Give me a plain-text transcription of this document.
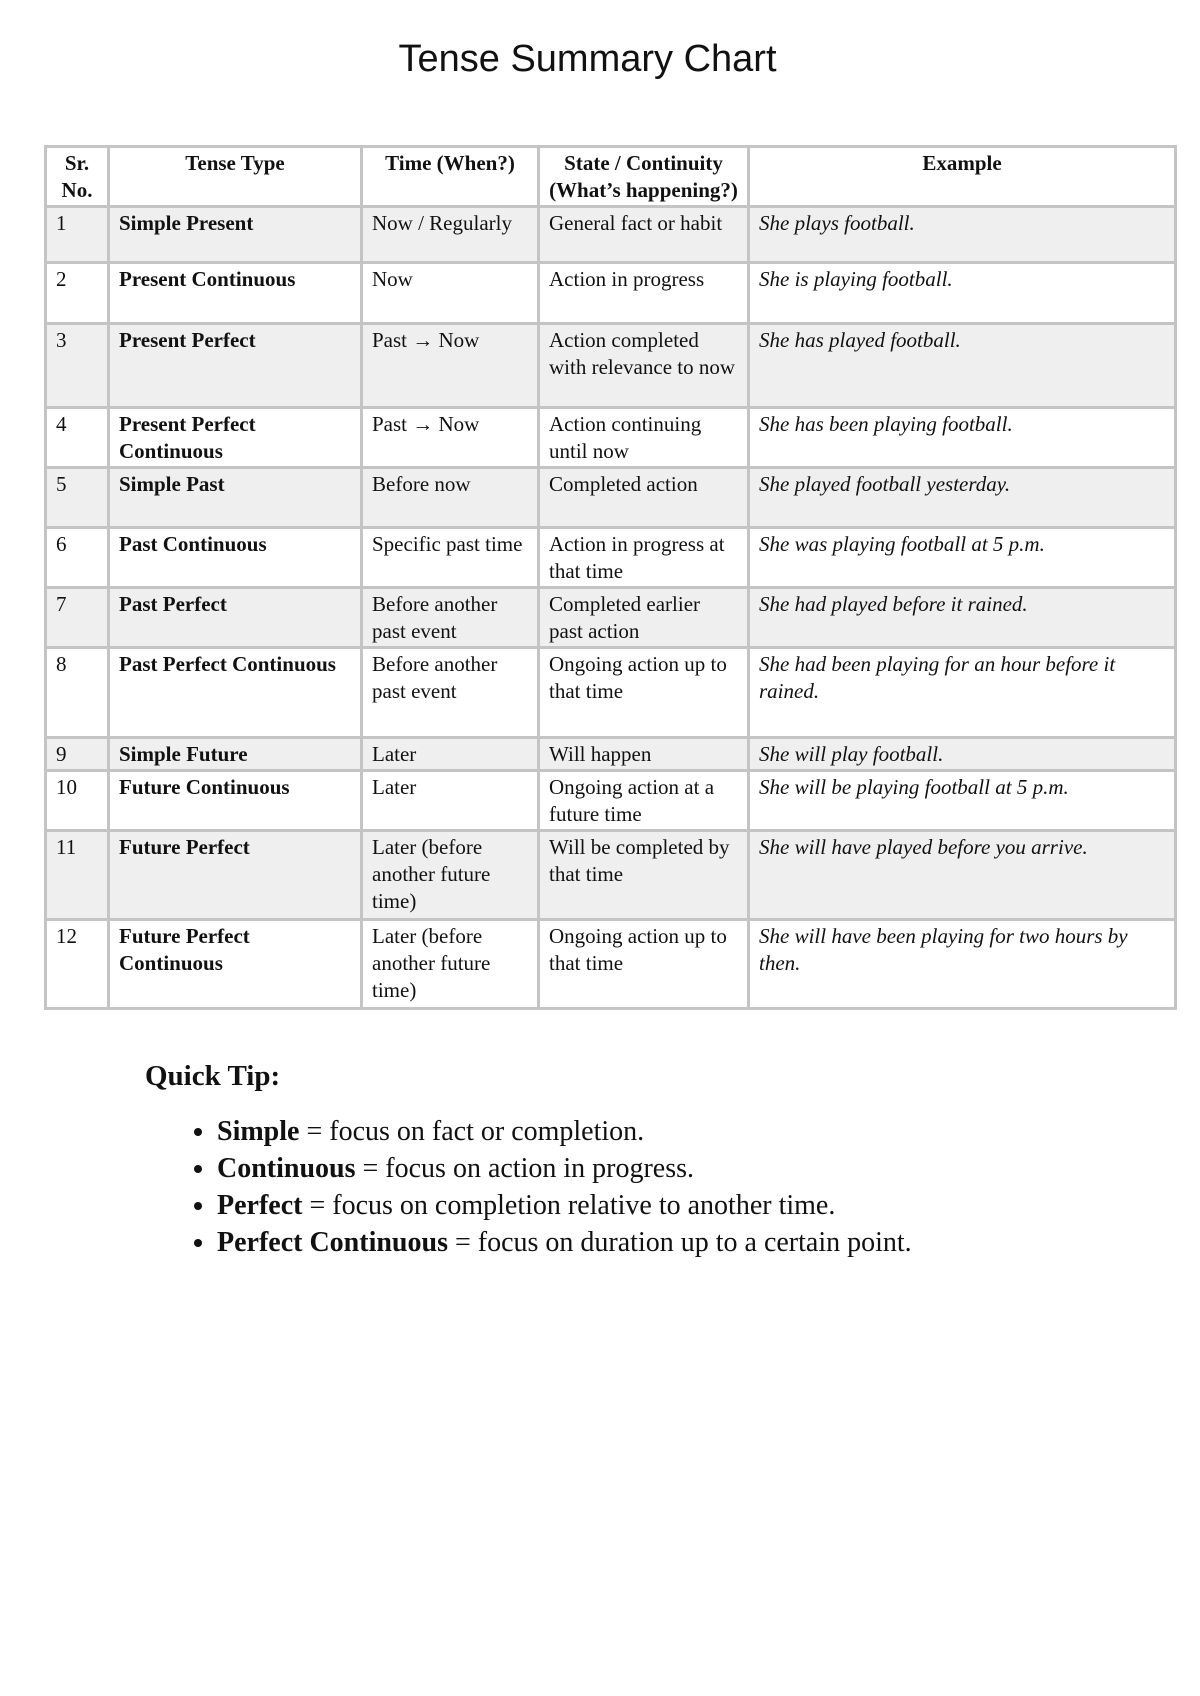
Tense Summary Chart
Sr. No.	Tense Type	Time (When?)	State / Continuity (What’s happening?)	Example
1	Simple Present	Now / Regularly	General fact or habit	She plays football.
2	Present Continuous	Now	Action in progress	She is playing football.
3	Present Perfect	Past → Now	Action completed with relevance to now	She has played football.
4	Present Perfect Continuous	Past → Now	Action continuing until now	She has been playing football.
5	Simple Past	Before now	Completed action	She played football yesterday.
6	Past Continuous	Specific past time	Action in progress at that time	She was playing football at 5 p.m.
7	Past Perfect	Before another past event	Completed earlier past action	She had played before it rained.
8	Past Perfect Continuous	Before another past event	Ongoing action up to that time	She had been playing for an hour before it rained.
9	Simple Future	Later	Will happen	She will play football.
10	Future Continuous	Later	Ongoing action at a future time	She will be playing football at 5 p.m.
11	Future Perfect	Later (before another future time)	Will be completed by that time	She will have played before you arrive.
12	Future Perfect Continuous	Later (before another future time)	Ongoing action up to that time	She will have been playing for two hours by then.
Quick Tip:
• Simple = focus on fact or completion.
• Continuous = focus on action in progress.
• Perfect = focus on completion relative to another time.
• Perfect Continuous = focus on duration up to a certain point.
